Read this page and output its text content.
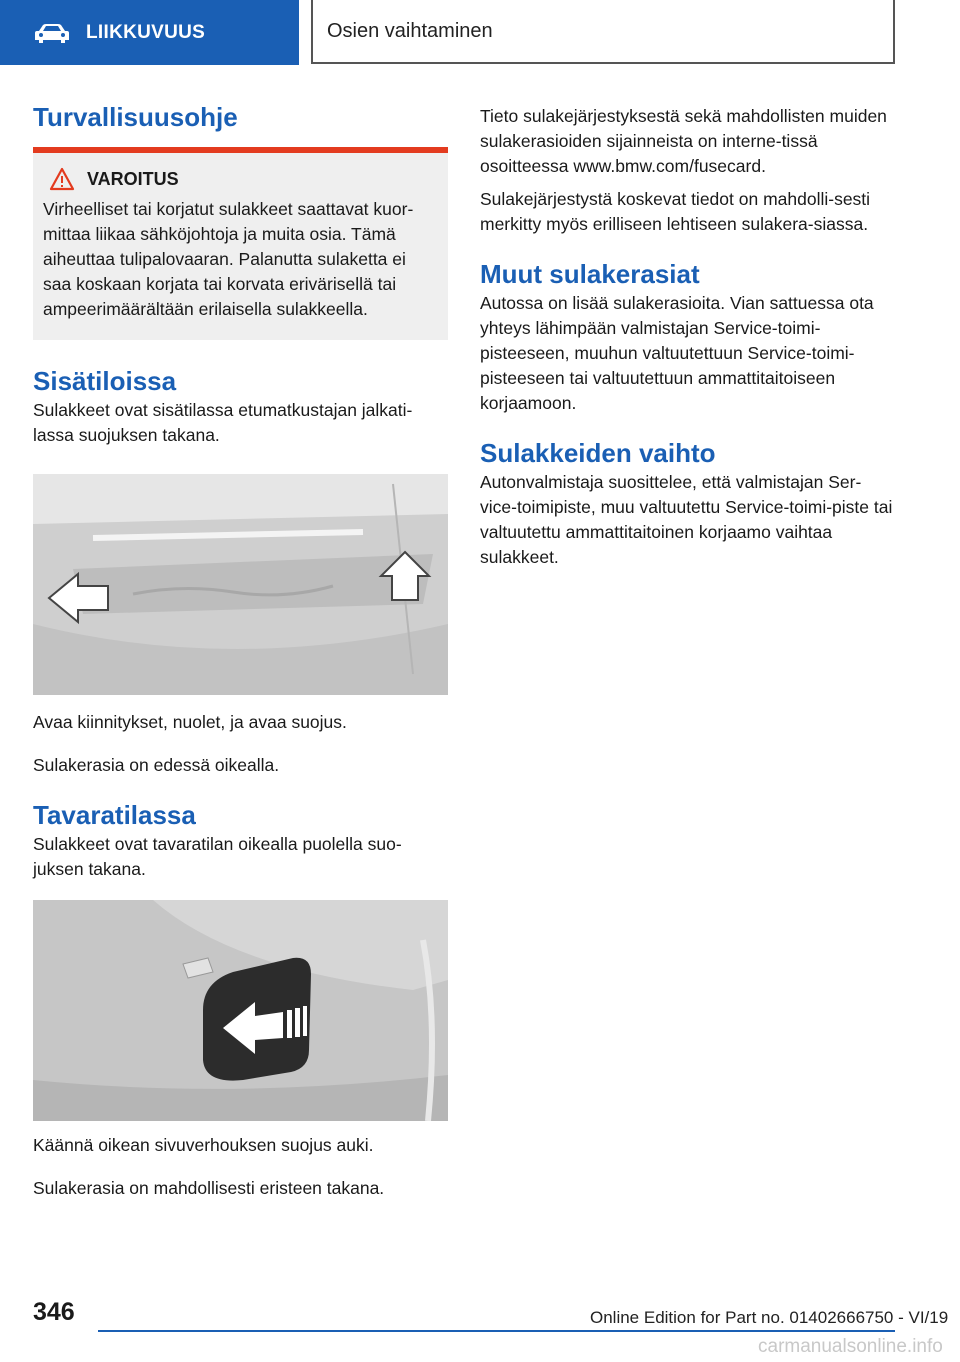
LIIKKUVUUS	Osien vaihtaminen
Turvallisuusohje
VAROITUS

Virheelliset tai korjatut sulakkeet saattavat kuor-mittaa liikaa sähköjohtoja ja muita osia. Tämä aiheuttaa tulipalovaaran. Palanutta sulaketta ei saa koskaan korjata tai korvata erivärisellä tai ampeerimäärältään erilaisella sulakkeella.

Sisätiloissa

Sulakkeet ovat sisätilassa etumatkustajan jalkati-lassa suojuksen takana.

Avaa kiinnitykset, nuolet, ja avaa suojus.

Sulakerasia on edessä oikealla.

Tavaratilassa

Sulakkeet ovat tavaratilan oikealla puolella suo-juksen takana.

Käännä oikean sivuverhouksen suojus auki.

Sulakerasia on mahdollisesti eristeen takana.

Tieto sulakejärjestyksestä sekä mahdollisten muiden sulakerasioiden sijainneista on interne-tissä osoitteessa www.bmw.com/fusecard.

Sulakejärjestystä koskevat tiedot on mahdolli-sesti merkitty myös erilliseen lehtiseen sulakera-siassa.

Muut sulakerasiat

Autossa on lisää sulakerasioita. Vian sattuessa ota yhteys lähimpään valmistajan Service-toimi-pisteeseen, muuhun valtuutettuun Service-toimi-pisteeseen tai valtuutettuun ammattitaitoiseen korjaamoon.

Sulakkeiden vaihto

Autonvalmistaja suosittelee, että valmistajan Ser-vice-toimipiste, muu valtuutettu Service-toimi-piste tai valtuutettu ammattitaitoinen korjaamo vaihtaa sulakkeet.

346	Online Edition for Part no. 01402666750 - VI/19
carmanualsonline.info
